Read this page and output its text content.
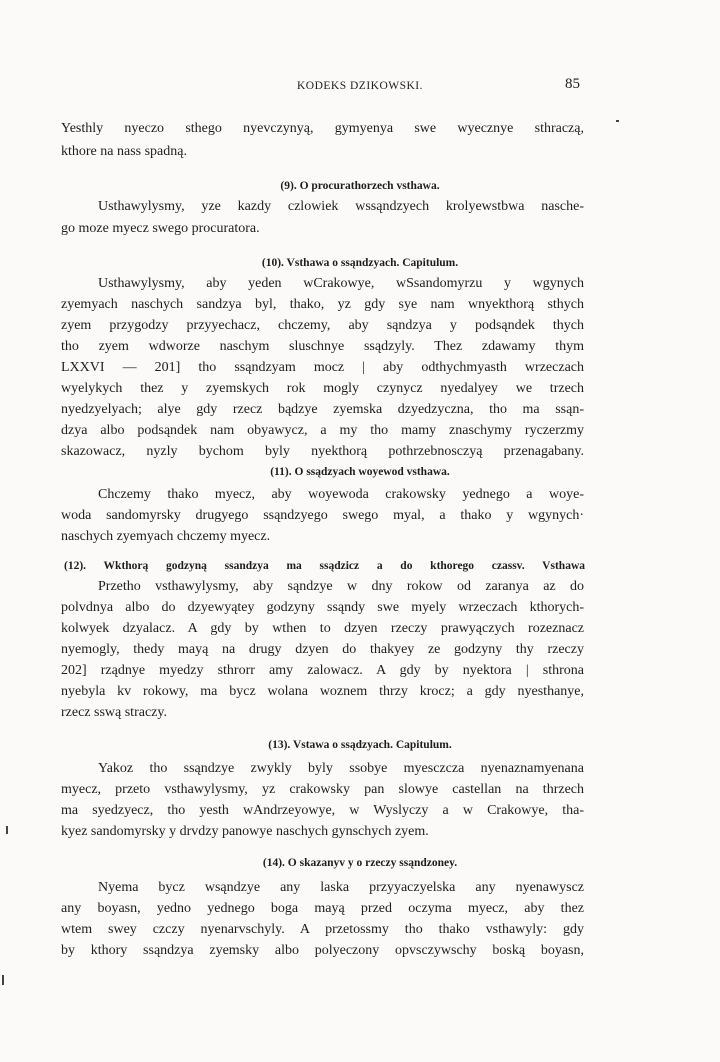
KODEKS DZIKOWSKI.	85
Yesthly nyeczo sthego nyevczynyą, gymyenya swe wyecznye sthraczą,
kthore na nass spadną.
(9). O procurathorzech vsthawa.
Usthawylysmy, yze kazdy czlowiek wssąndzyech krolyewstbwa nasche-
go moze myecz swego procuratora.
(10). Vsthawa o ssąndzyach. Capitulum.
Usthawylysmy, aby yeden wCrakowye, wSsandomyrzu y wgynych
zyemyach naschych sandzya byl, thako, yz gdy sye nam wnyekthorą sthych
zyem przygodzy przyyechacz, chczemy, aby sąndzya y podsąndek thych
tho zyem wdworze naschym sluschnye ssądzyly. Thez zdawamy thym
LXXVI — 201] tho ssąndzyam mocz | aby odthychmyasth wrzeczach
wyelykych thez y zyemskych rok mogly czynycz nyedalyey we trzech
nyedzyelyach; alye gdy rzecz bądzye zyemska dzyedzyczna, tho ma ssąn-
dzya albo podsąndek nam obyawycz, a my tho mamy znaschymy ryczerzmy
skazowacz, nyzly bychom byly nyekthorą pothrzebnosczyą przenagabany.
(11). O ssądzyach woyewod vsthawa.
Chczemy thako myecz, aby woyewoda crakowsky yednego a woye-
woda sandomyrsky drugyego ssąndzyego swego myal, a thako y wgynych·
naschych zyemyach chczemy myecz.
(12). Wkthorą godzyną ssandzya ma ssądzicz a do kthorego czassv. Vsthawa
Przetho vsthawylysmy, aby sąndzye w dny rokow od zaranya az do
polvdnya albo do dzyewyątey godzyny ssąndy swe myely wrzeczach kthorych-
kolwyek dzyalacz. A gdy by wthen to dzyen rzeczy prawyączych rozeznacz
nyemogly, thedy mayą na drugy dzyen do thakyey ze godzyny thy rzeczy
202] rządnye myedzy sthrorr amy zalowacz. A gdy by nyektora | sthrona
nyebyla kv rokowy, ma bycz wolana woznem thrzy krocz; a gdy nyesthanye,
rzecz sswą straczy.
(13). Vstawa o ssądzyach. Capitulum.
Yakoz tho ssąndzye zwykly byly ssobye myesczcza nyenaznamyenana
myecz, przeto vsthawylysmy, yz crakowsky pan slowye castellan na thrzech
ma syedzyecz, tho yesth wAndrzeyowye, w Wyslyczy a w Crakowye, tha-
kyez sandomyrsky y drvdzy panowye naschych gynschych zyem.
(14). O skazanyv y o rzeczy ssąndzoney.
Nyema bycz wsąndzye any laska przyyaczyelska any nyenawyscz
any boyasn, yedno yednego boga mayą przed oczyma myecz, aby thez
wtem swey czczy nyenarvschyly. A przetossmy tho thako vsthawyly: gdy
by kthory ssąndzya zyemsky albo polyeczony opvsczywschy boską boyasn,
